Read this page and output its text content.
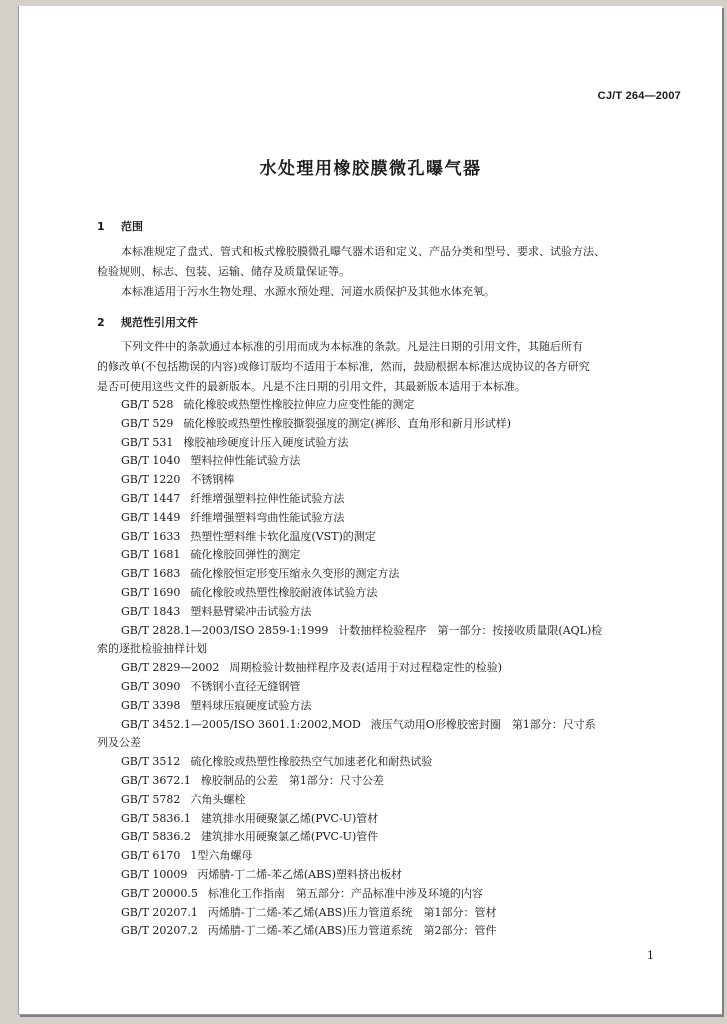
CJ/T 264—2007
水处理用橡胶膜微孔曝气器
1 范围
本标准规定了盘式、管式和板式橡胶膜微孔曝气器术语和定义、产品分类和型号、要求、试验方法、
检验规则、标志、包装、运输、储存及质量保证等。
本标准适用于污水生物处理、水源水预处理、河道水质保护及其他水体充氧。
2 规范性引用文件
下列文件中的条款通过本标准的引用而成为本标准的条款。凡是注日期的引用文件，其随后所有
的修改单(不包括勘误的内容)或修订版均不适用于本标准，然而，鼓励根据本标准达成协议的各方研究
是否可使用这些文件的最新版本。凡是不注日期的引用文件，其最新版本适用于本标准。
GB/T 528 硫化橡胶或热塑性橡胶拉伸应力应变性能的测定
GB/T 529 硫化橡胶或热塑性橡胶撕裂强度的测定(裤形、直角形和新月形试样)
GB/T 531 橡胶袖珍硬度计压入硬度试验方法
GB/T 1040 塑料拉伸性能试验方法
GB/T 1220 不锈钢棒
GB/T 1447 纤维增强塑料拉伸性能试验方法
GB/T 1449 纤维增强塑料弯曲性能试验方法
GB/T 1633 热塑性塑料维卡软化温度(VST)的测定
GB/T 1681 硫化橡胶回弹性的测定
GB/T 1683 硫化橡胶恒定形变压缩永久变形的测定方法
GB/T 1690 硫化橡胶或热塑性橡胶耐液体试验方法
GB/T 1843 塑料悬臂梁冲击试验方法
GB/T 2828.1—2003/ISO 2859-1:1999 计数抽样检验程序　第一部分：按接收质量限(AQL)检
索的逐批检验抽样计划
GB/T 2829—2002 周期检验计数抽样程序及表(适用于对过程稳定性的检验)
GB/T 3090 不锈钢小直径无缝钢管
GB/T 3398 塑料球压痕硬度试验方法
GB/T 3452.1—2005/ISO 3601.1:2002,MOD 液压气动用O形橡胶密封圈　第1部分：尺寸系
列及公差
GB/T 3512 硫化橡胶或热塑性橡胶热空气加速老化和耐热试验
GB/T 3672.1 橡胶制品的公差　第1部分：尺寸公差
GB/T 5782 六角头螺栓
GB/T 5836.1 建筑排水用硬聚氯乙烯(PVC-U)管材
GB/T 5836.2 建筑排水用硬聚氯乙烯(PVC-U)管件
GB/T 6170 1型六角螺母
GB/T 10009 丙烯腈-丁二烯-苯乙烯(ABS)塑料挤出板材
GB/T 20000.5 标准化工作指南　第五部分：产品标准中涉及环境的内容
GB/T 20207.1 丙烯腈-丁二烯-苯乙烯(ABS)压力管道系统　第1部分：管材
GB/T 20207.2 丙烯腈-丁二烯-苯乙烯(ABS)压力管道系统　第2部分：管件
1
